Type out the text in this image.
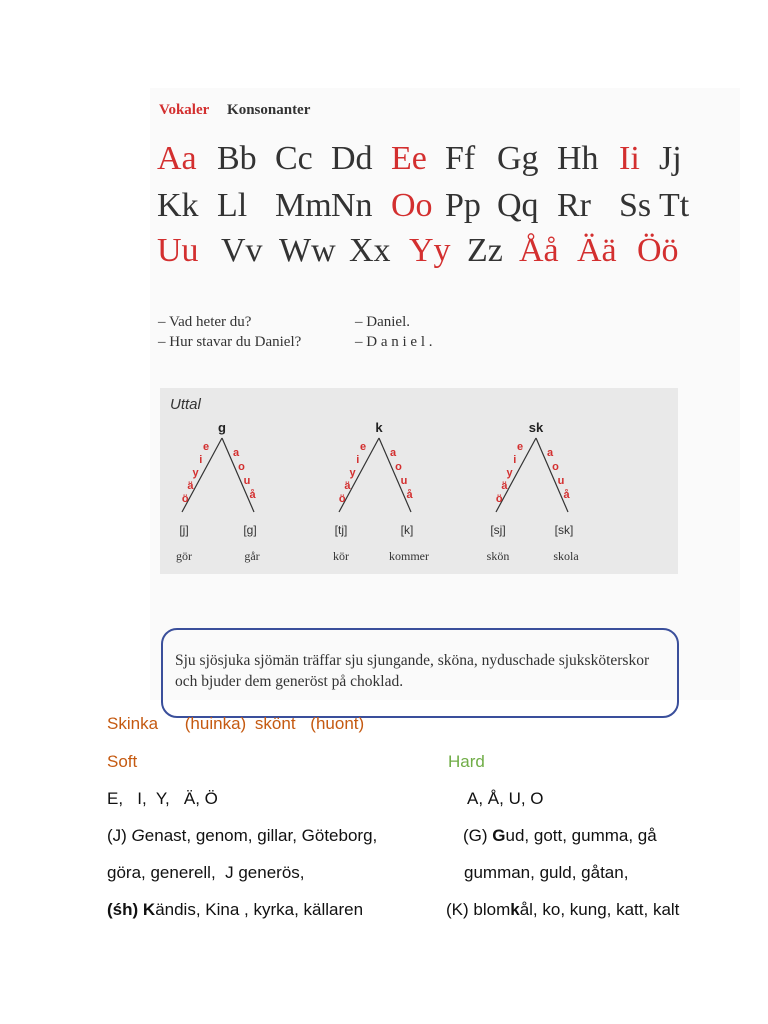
Vokaler Konsonanter
Aa Bb Cc Dd Ee Ff Gg Hh Ii Jj
Kk Ll Mm Nn Oo Pp Qq Rr Ss Tt
Uu Vv Ww Xx Yy Zz Åå Ää Öö
– Vad heter du?	– Daniel.
– Hur stavar du Daniel?	– D a n i e l .
Uttal
g
e
i
y
ä
ö
a
o
u
å
[j]	[g]
gör	går
k
e
i
y
ä
ö
a
o
u
å
[tj]	[k]
kör	kommer
sk
e
i
y
ä
ö
a
o
u
å
[sj]	[sk]
skön	skola
Sju sjösjuka sjömän träffar sju sjungande, sköna, nyduschade sjuksköterskor
och bjuder dem generöst på choklad.
Skinka (huinka) skönt (huont)
Soft	Hard
E,   I,  Y,   Ä, Ö	A, Å, U, O
(J) Genast, genom, gillar, Göteborg,	(G) Gud, gott, gumma, gå
göra, generell,  J generös,	gumman, guld, gåtan,
(śh) Kändis, Kina , kyrka, källaren	(K) blomkål, ko, kung, katt, kalt
